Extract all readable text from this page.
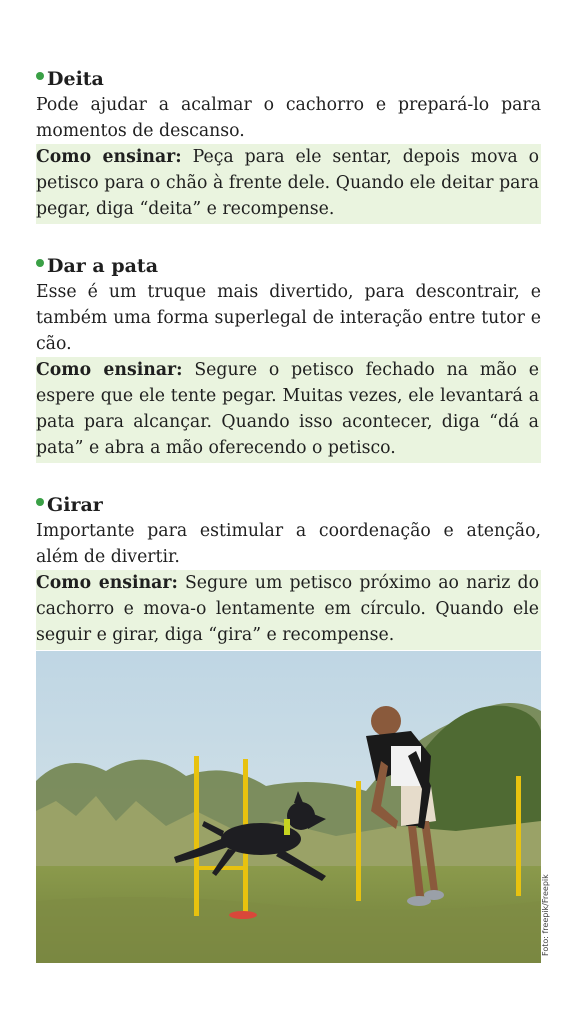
Deita
Pode ajudar a acalmar o cachorro e prepará-lo para momentos de descanso.
Como ensinar: Peça para ele sentar, depois mova o petisco para o chão à frente dele. Quando ele deitar para pegar, diga “deita” e recompense.
Dar a pata
Esse é um truque mais divertido, para descontrair, e também uma forma superlegal de interação entre tutor e cão.
Como ensinar: Segure o petisco fechado na mão e espere que ele tente pegar. Muitas vezes, ele levantará a pata para alcançar. Quando isso acontecer, diga “dá a pata” e abra a mão oferecendo o petisco.
Girar
Importante para estimular a coordenação e atenção, além de divertir.
Como ensinar: Segure um petisco próximo ao nariz do cachorro e mova-o lentamente em círculo. Quando ele seguir e girar, diga “gira” e recompense.
Foto: freepik/Freepik
